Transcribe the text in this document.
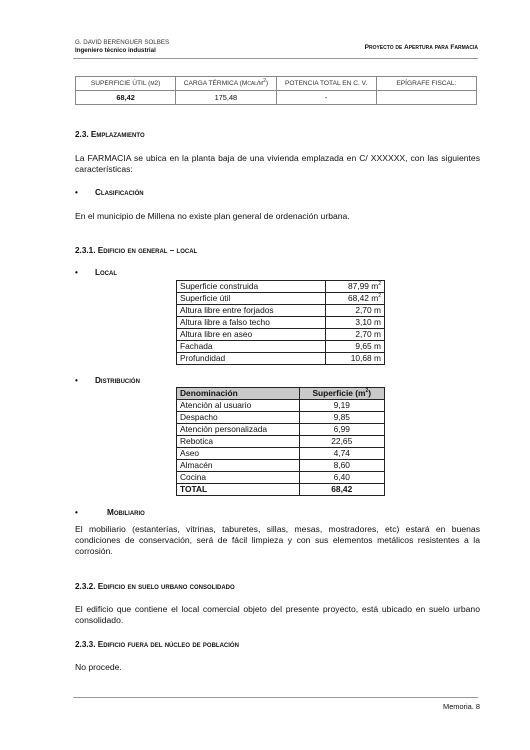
G. DAVID BERENGUER SOLBES
Ingeniero técnico industrial	Proyecto de Apertura para Farmacia
SUPERFICIE ÚTIL (m2)	CARGA TÉRMICA $(Mcal/m^2)$	POTENCIA TOTAL EN C. V.	EPÍGRAFE FISCAL:
68,42	175,48	-	
2.3. Emplazamiento
La FARMACIA se ubica en la planta baja de una vivienda emplazada en C/ XXXXXX, con las siguientes características:
• Clasificación
En el municipio de Millena no existe plan general de ordenación urbana.
2.3.1. Edificio en general – local
• Local
Superficie construida	87,99 $m^2$
Superficie útil	68,42 $m^2$
Altura libre entre forjados	2,70 m
Altura libre a falso techo	3,10 m
Altura libre en aseo	2,70 m
Fachada	9,65 m
Profundidad	10,68 m
• Distribución
Denominación	Superficie $(m^2)$
Atención al usuario	9,19
Despacho	9,85
Atención personalizada	6,99
Rebotica	22,65
Aseo	4,74
Almacén	8,60
Cocina	6,40
TOTAL	68,42
•	Mobiliario
El mobiliario (estanterías, vitrinas, taburetes, sillas, mesas, mostradores, etc) estará en buenas condiciones de conservación, será de fácil limpieza y con sus elementos metálicos resistentes a la corrosión.
2.3.2. Edificio en suelo urbano consolidado
El edificio que contiene el local comercial objeto del presente proyecto, está ubicado en suelo urbano consolidado.
2.3.3. Edificio fuera del núcleo de población
No procede.
Memoria. 8
